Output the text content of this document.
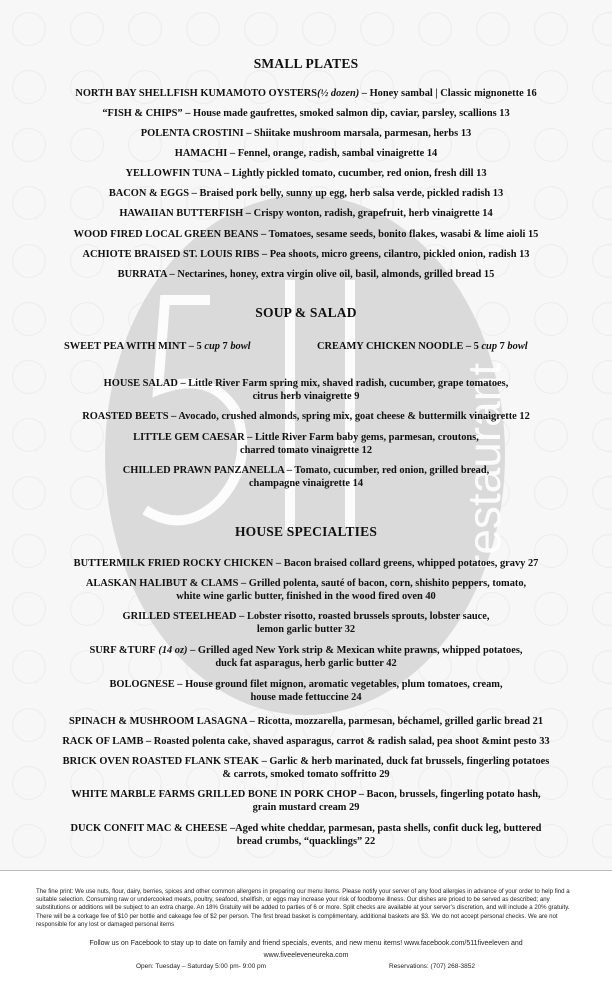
restaurant
SMALL PLATES
NORTH BAY SHELLFISH KUMAMOTO OYSTERS(½ dozen) – Honey sambal | Classic mignonette 16
“FISH & CHIPS” – House made gaufrettes, smoked salmon dip, caviar, parsley, scallions 13
POLENTA CROSTINI – Shiitake mushroom marsala, parmesan, herbs 13
HAMACHI – Fennel, orange, radish, sambal vinaigrette 14
YELLOWFIN TUNA – Lightly pickled tomato, cucumber, red onion, fresh dill 13
BACON & EGGS – Braised pork belly, sunny up egg, herb salsa verde, pickled radish 13
HAWAIIAN BUTTERFISH – Crispy wonton, radish, grapefruit, herb vinaigrette 14
WOOD FIRED LOCAL GREEN BEANS – Tomatoes, sesame seeds, bonito flakes, wasabi & lime aioli 15
ACHIOTE BRAISED ST. LOUIS RIBS – Pea shoots, micro greens, cilantro, pickled onion, radish 13
BURRATA – Nectarines, honey, extra virgin olive oil, basil, almonds, grilled bread 15
SOUP & SALAD
SWEET PEA WITH MINT – 5 cup 7 bowl	CREAMY CHICKEN NOODLE – 5 cup 7 bowl
HOUSE SALAD – Little River Farm spring mix, shaved radish, cucumber, grape tomatoes,
citrus herb vinaigrette 9
ROASTED BEETS – Avocado, crushed almonds, spring mix, goat cheese & buttermilk vinaigrette 12
LITTLE GEM CAESAR – Little River Farm baby gems, parmesan, croutons,
charred tomato vinaigrette 12
CHILLED PRAWN PANZANELLA – Tomato, cucumber, red onion, grilled bread,
champagne vinaigrette 14
HOUSE SPECIALTIES
BUTTERMILK FRIED ROCKY CHICKEN – Bacon braised collard greens, whipped potatoes, gravy 27
ALASKAN HALIBUT & CLAMS – Grilled polenta, sauté of bacon, corn, shishito peppers, tomato,
white wine garlic butter, finished in the wood fired oven 40
GRILLED STEELHEAD – Lobster risotto, roasted brussels sprouts, lobster sauce,
lemon garlic butter 32
SURF &TURF (14 oz) – Grilled aged New York strip & Mexican white prawns, whipped potatoes,
duck fat asparagus, herb garlic butter 42
BOLOGNESE – House ground filet mignon, aromatic vegetables, plum tomatoes, cream,
house made fettuccine 24
SPINACH & MUSHROOM LASAGNA – Ricotta, mozzarella, parmesan, béchamel, grilled garlic bread 21
RACK OF LAMB – Roasted polenta cake, shaved asparagus, carrot & radish salad, pea shoot &mint pesto 33
BRICK OVEN ROASTED FLANK STEAK – Garlic & herb marinated, duck fat brussels, fingerling potatoes
& carrots, smoked tomato soffritto 29
WHITE MARBLE FARMS GRILLED BONE IN PORK CHOP – Bacon, brussels, fingerling potato hash,
grain mustard cream 29
DUCK CONFIT MAC & CHEESE –Aged white cheddar, parmesan, pasta shells, confit duck leg, buttered
bread crumbs, “quacklings” 22
The fine print: We use nuts, flour, dairy, berries, spices and other common allergens in preparing our menu items. Please notify your server of any food allergies in advance of your order to help find a suitable selection. Consuming raw or undercooked meats, poultry, seafood, shellfish, or eggs may increase your risk of foodborne illness. Our dishes are priced to be served as described; any substitutions or additions will be subject to an extra charge. An 18% Gratuity will be added to parties of 6 or more. Split checks are available at your server’s discretion, and will include a 20% gratuity. There will be a corkage fee of $10 per bottle and cakeage fee of $2 per person. The first bread basket is complimentary, additional baskets are $3. We do not accept personal checks. We are not responsible for any lost or damaged personal items
Follow us on Facebook to stay up to date on family and friend specials, events, and new menu items! www.facebook.com/511fiveeleven and
www.fiveeleveneureka.com
Open: Tuesday – Saturday 5:00 pm- 9:00 pm	Reservations: (707) 268-3852
